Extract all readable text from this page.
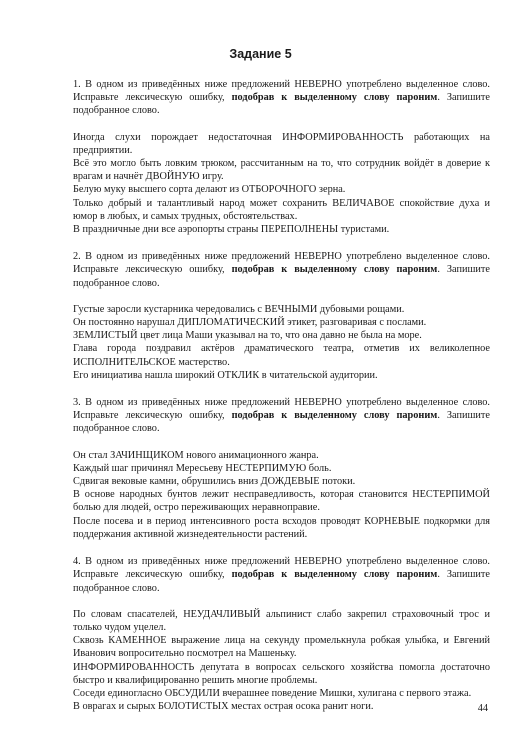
Задание 5
1. В одном из приведённых ниже предложений НЕВЕРНО употреблено выделенное слово. Исправьте лексическую ошибку, подобрав к выделенному слову пароним. Запишите подобранное слово.
Иногда слухи порождает недостаточная ИНФОРМИРОВАННОСТЬ работающих на предприятии.
Всё это могло быть ловким трюком, рассчитанным на то, что сотрудник войдёт в доверие к врагам и начнёт ДВОЙНУЮ игру.
Белую муку высшего сорта делают из ОТБОРОЧНОГО зерна.
Только добрый и талантливый народ может сохранить ВЕЛИЧАВОЕ спокойствие духа и юмор в любых, и самых трудных, обстоятельствах.
В праздничные дни все аэропорты страны ПЕРЕПОЛНЕНЫ туристами.
2. В одном из приведённых ниже предложений НЕВЕРНО употреблено выделенное слово. Исправьте лексическую ошибку, подобрав к выделенному слову пароним. Запишите подобранное слово.
Густые заросли кустарника чередовались с ВЕЧНЫМИ дубовыми рощами.
Он постоянно нарушал ДИПЛОМАТИЧЕСКИЙ этикет, разговаривая с послами.
ЗЕМЛИСТЫЙ цвет лица Маши указывал на то, что она давно не была на море.
Глава города поздравил актёров драматического театра, отметив их великолепное ИСПОЛНИТЕЛЬСКОЕ мастерство.
Его инициатива нашла широкий ОТКЛИК в читательской аудитории.
3. В одном из приведённых ниже предложений НЕВЕРНО употреблено выделенное слово. Исправьте лексическую ошибку, подобрав к выделенному слову пароним. Запишите подобранное слово.
Он стал ЗАЧИНЩИКОМ нового анимационного жанра.
Каждый шаг причинял Мересьеву НЕСТЕРПИМУЮ боль.
Сдвигая вековые камни, обрушились вниз ДОЖДЕВЫЕ потоки.
В основе народных бунтов лежит несправедливость, которая становится НЕСТЕРПИМОЙ болью для людей, остро переживающих неравноправие.
После посева и в период интенсивного роста всходов проводят КОРНЕВЫЕ подкормки для поддержания активной жизнедеятельности растений.
4. В одном из приведённых ниже предложений НЕВЕРНО употреблено выделенное слово. Исправьте лексическую ошибку, подобрав к выделенному слову пароним. Запишите подобранное слово.
По словам спасателей, НЕУДАЧЛИВЫЙ альпинист слабо закрепил страховочный трос и только чудом уцелел.
Сквозь КАМЕННОЕ выражение лица на секунду промелькнула робкая улыбка, и Евгений Иванович вопросительно посмотрел на Машеньку.
ИНФОРМИРОВАННОСТЬ депутата в вопросах сельского хозяйства помогла достаточно быстро и квалифицированно решить многие проблемы.
Соседи единогласно ОБСУДИЛИ вчерашнее поведение Мишки, хулигана с первого этажа.
В оврагах и сырых БОЛОТИСТЫХ местах острая осока ранит ноги.	44
